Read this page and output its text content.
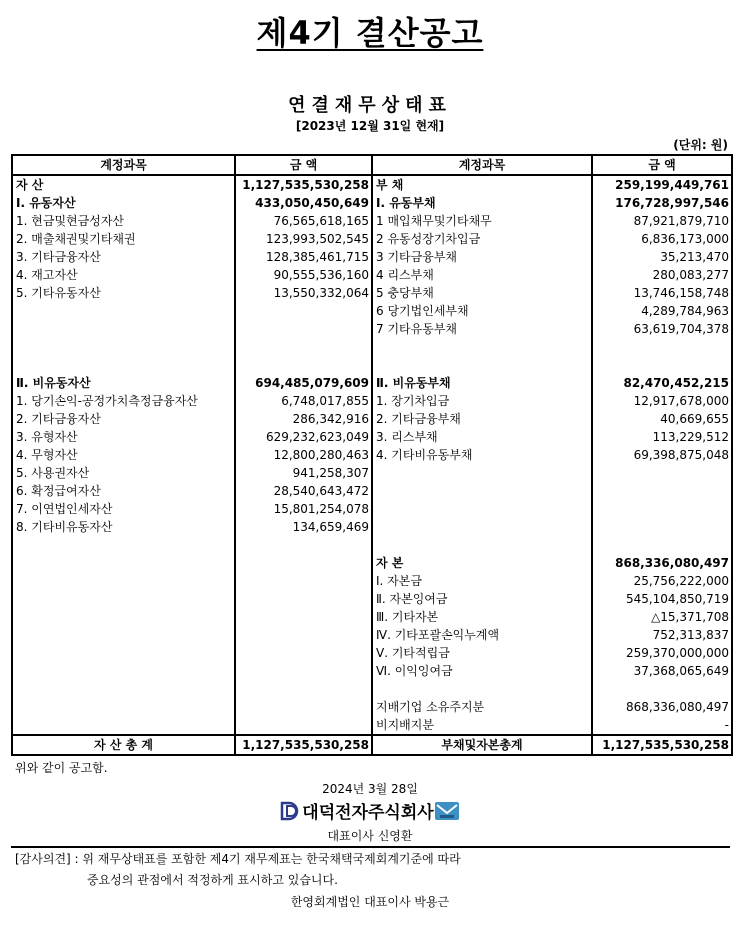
제4기 결산공고
연결재무상태표
[2023년 12월 31일 현재]
(단위: 원)
계정과목	금 액	계정과목	금 액
자 산	1,127,535,530,258	부 채	259,199,449,761
Ⅰ. 유동자산	433,050,450,649	Ⅰ. 유동부채	176,728,997,546
1. 현금및현금성자산	76,565,618,165	1 매입채무및기타채무	87,921,879,710
2. 매출채권및기타채권	123,993,502,545	2 유동성장기차입금	6,836,173,000
3. 기타금융자산	128,385,461,715	3 기타금융부채	35,213,470
4. 재고자산	90,555,536,160	4 리스부채	280,083,277
5. 기타유동자산	13,550,332,064	5 충당부채	13,746,158,748
		6 당기법인세부채	4,289,784,963
		7 기타유동부채	63,619,704,378

Ⅱ. 비유동자산	694,485,079,609	Ⅱ. 비유동부채	82,470,452,215
1. 당기손익-공정가치측정금융자산	6,748,017,855	1. 장기차입금	12,917,678,000
2. 기타금융자산	286,342,916	2. 기타금융부채	40,669,655
3. 유형자산	629,232,623,049	3. 리스부채	113,229,512
4. 무형자산	12,800,280,463	4. 기타비유동부채	69,398,875,048
5. 사용권자산	941,258,307		
6. 확정급여자산	28,540,643,472		
7. 이연법인세자산	15,801,254,078		
8. 기타비유동자산	134,659,469		

		자 본	868,336,080,497
		Ⅰ. 자본금	25,756,222,000
		Ⅱ. 자본잉여금	545,104,850,719
		Ⅲ. 기타자본	△15,371,708
		Ⅳ. 기타포괄손익누계액	752,313,837
		Ⅴ. 기타적립금	259,370,000,000
		Ⅵ. 이익잉여금	37,368,065,649

		지배기업 소유주지분	868,336,080,497
		비지배지분	-
자 산 총 계	1,127,535,530,258	부채및자본총계	1,127,535,530,258
위와 같이 공고함.
2024년 3월 28일
대덕전자주식회사
대표이사 신영환
[감사의견] : 위 재무상태표를 포함한 제4기 재무제표는 한국채택국제회계기준에 따라
중요성의 관점에서 적정하게 표시하고 있습니다.
한영회계법인 대표이사 박용근
